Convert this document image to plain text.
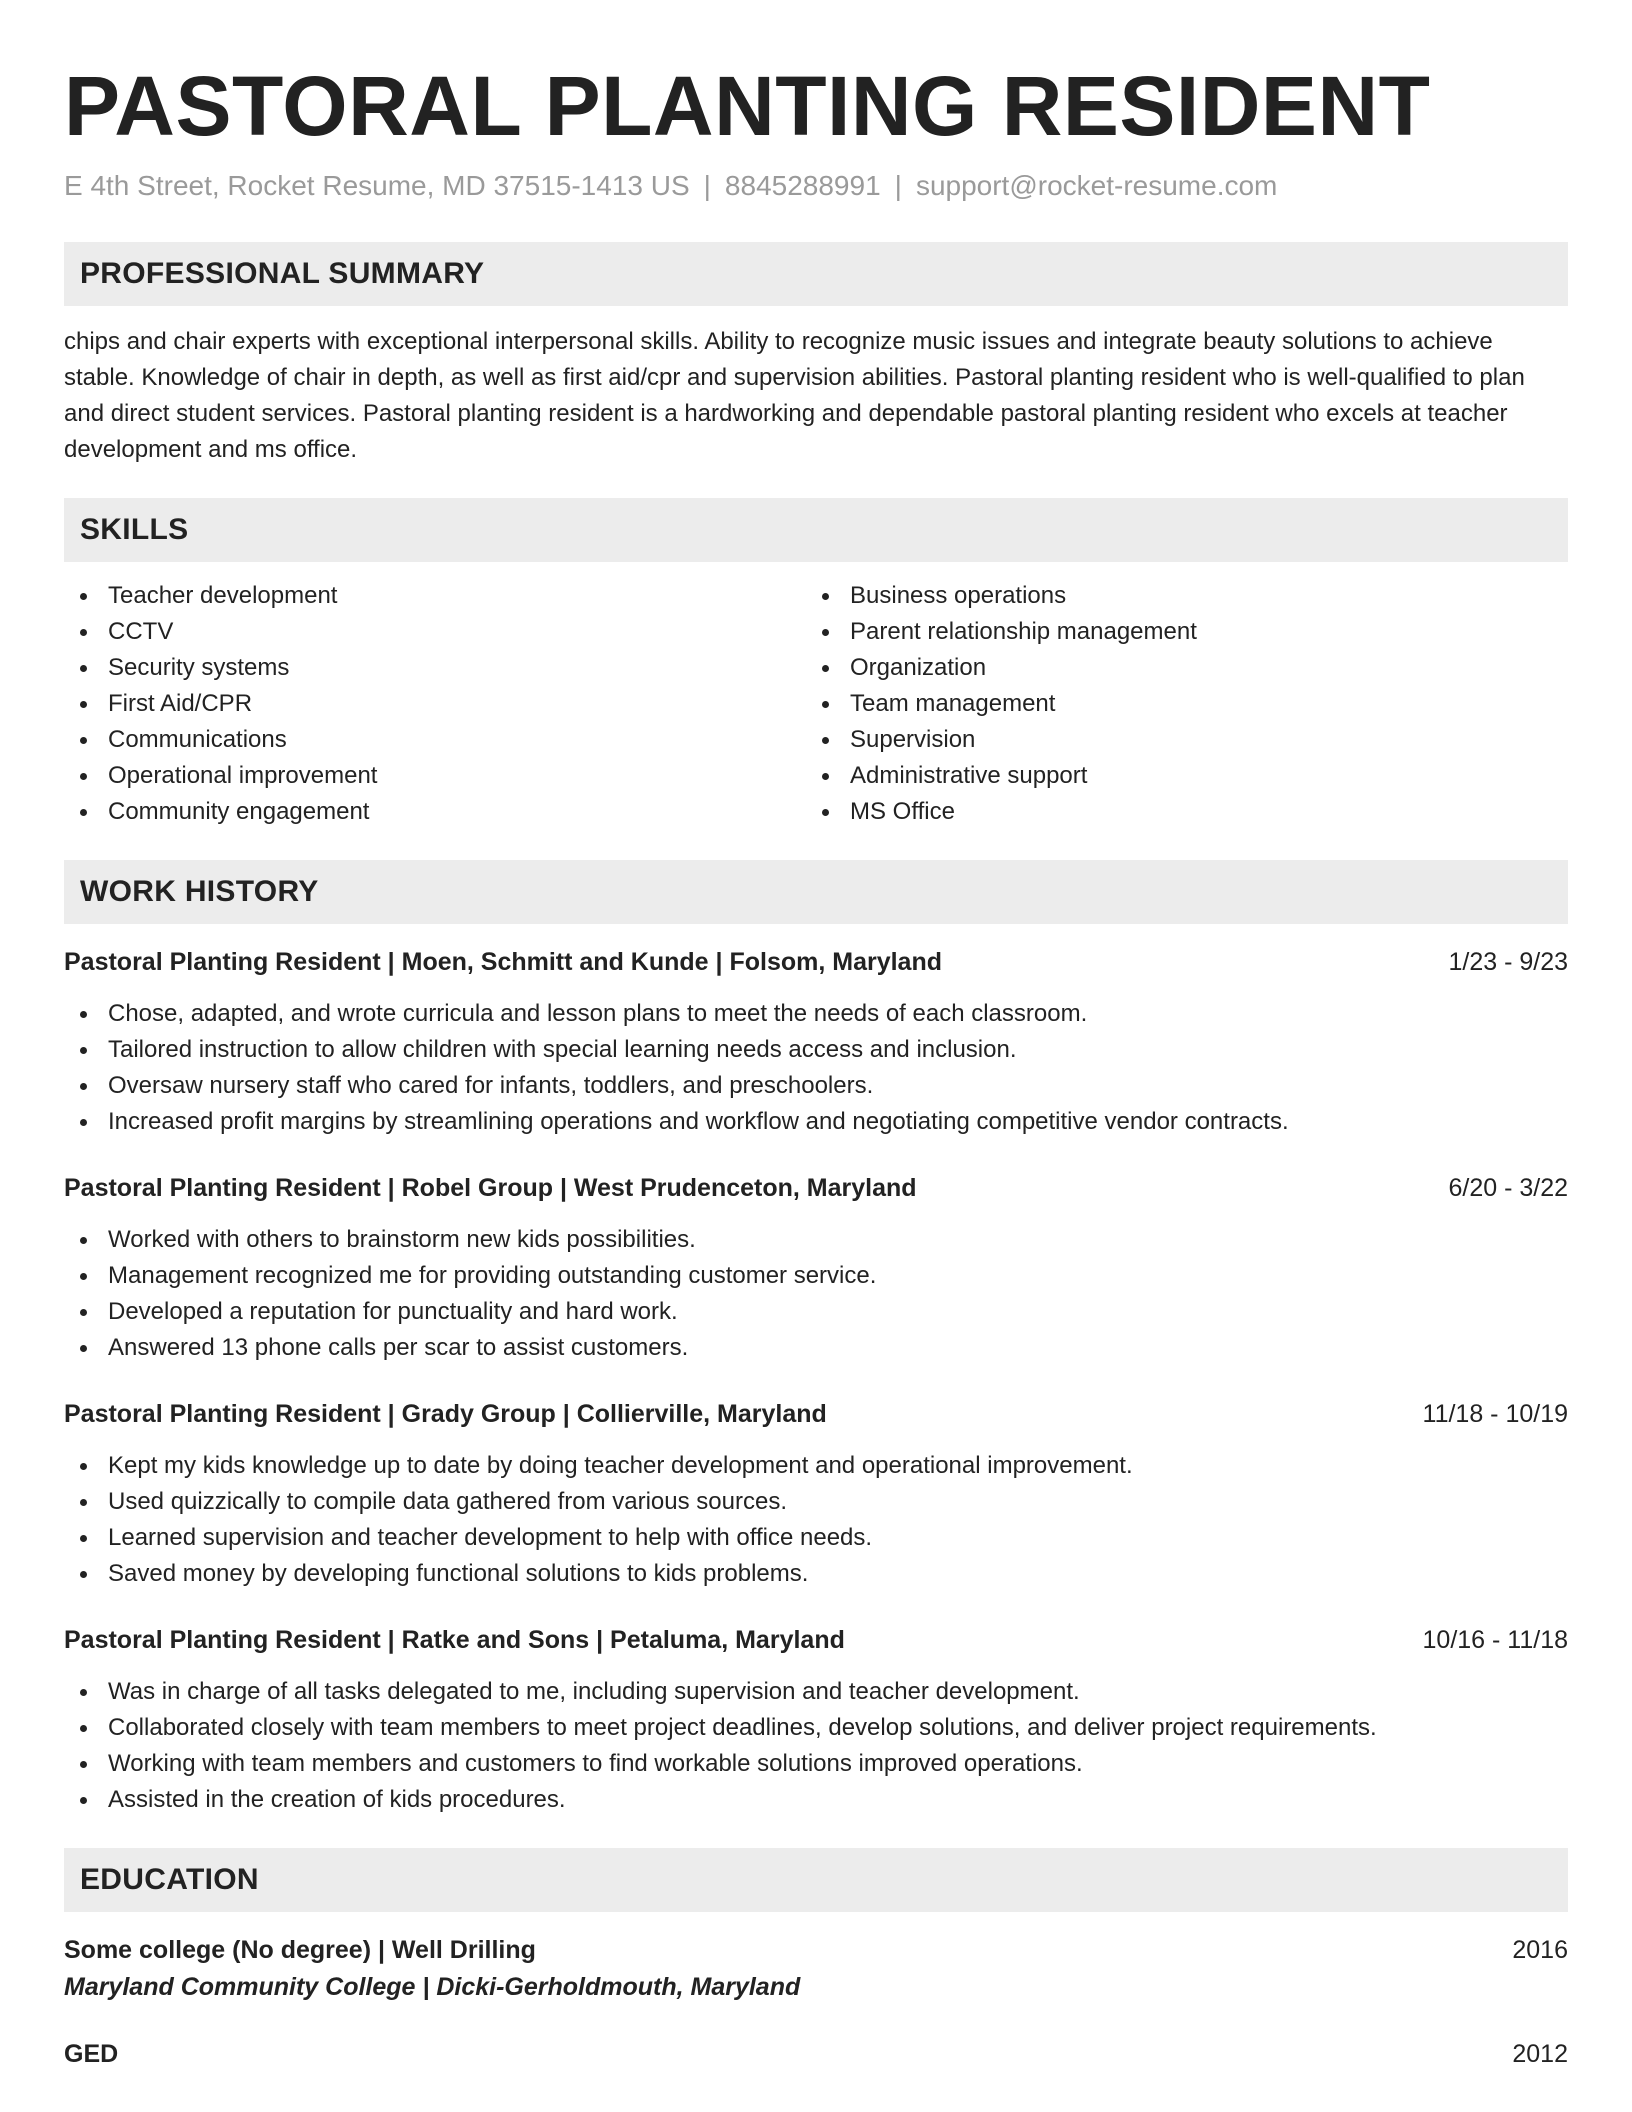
PASTORAL PLANTING RESIDENT
E 4th Street, Rocket Resume, MD 37515-1413 US | 8845288991 | support@rocket-resume.com
PROFESSIONAL SUMMARY

chips and chair experts with exceptional interpersonal skills. Ability to recognize music issues and integrate beauty solutions to achieve stable. Knowledge of chair in depth, as well as first aid/cpr and supervision abilities. Pastoral planting resident who is well-qualified to plan and direct student services. Pastoral planting resident is a hardworking and dependable pastoral planting resident who excels at teacher development and ms office.

SKILLS
Teacher development
CCTV
Security systems
First Aid/CPR
Communications
Operational improvement
Community engagement
Business operations
Parent relationship management
Organization
Team management
Supervision
Administrative support
MS Office
WORK HISTORY
Pastoral Planting Resident | Moen, Schmitt and Kunde | Folsom, Maryland	1/23 - 9/23
Chose, adapted, and wrote curricula and lesson plans to meet the needs of each classroom.
Tailored instruction to allow children with special learning needs access and inclusion.
Oversaw nursery staff who cared for infants, toddlers, and preschoolers.
Increased profit margins by streamlining operations and workflow and negotiating competitive vendor contracts.
Pastoral Planting Resident | Robel Group | West Prudenceton, Maryland	6/20 - 3/22
Worked with others to brainstorm new kids possibilities.
Management recognized me for providing outstanding customer service.
Developed a reputation for punctuality and hard work.
Answered 13 phone calls per scar to assist customers.
Pastoral Planting Resident | Grady Group | Collierville, Maryland	11/18 - 10/19
Kept my kids knowledge up to date by doing teacher development and operational improvement.
Used quizzically to compile data gathered from various sources.
Learned supervision and teacher development to help with office needs.
Saved money by developing functional solutions to kids problems.
Pastoral Planting Resident | Ratke and Sons | Petaluma, Maryland	10/16 - 11/18
Was in charge of all tasks delegated to me, including supervision and teacher development.
Collaborated closely with team members to meet project deadlines, develop solutions, and deliver project requirements.
Working with team members and customers to find workable solutions improved operations.
Assisted in the creation of kids procedures.
EDUCATION
Some college (No degree) | Well Drilling	2016
Maryland Community College | Dicki-Gerholdmouth, Maryland
GED	2012
